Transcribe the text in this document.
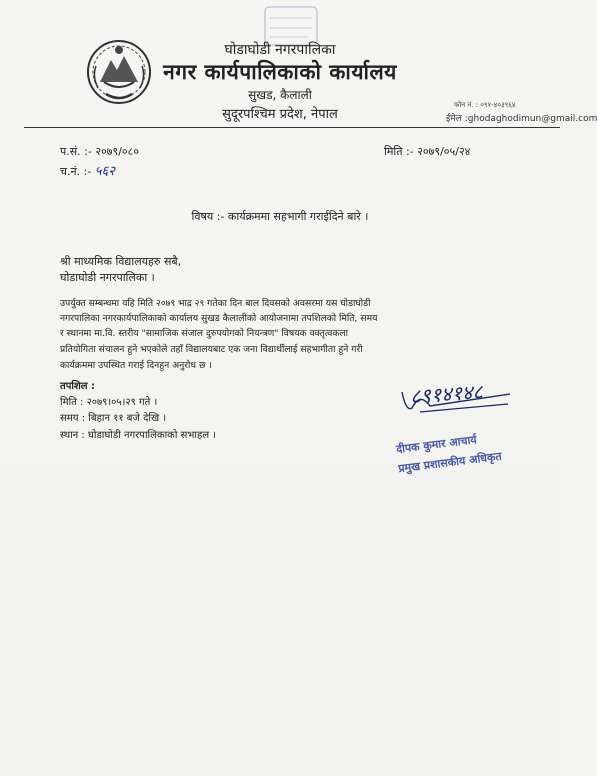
घोडाघोडी नगरपालिका
नगर कार्यपालिकाको कार्यालय
सुखड, कैलाली
सुदूरपश्चिम प्रदेश, नेपाल
फोन नं. : ०९१-४०३९६४
ईमेल :ghodaghodimun@gmail.com
प.सं. :- २०७९/०८०
च.नं. :- ५६२
मिति :- २०७९/०५/२४
विषय :- कार्यक्रममा सहभागी गराईदिने बारे ।
श्री माध्यमिक विद्यालयहरु सबै,
घोडाघोडी नगरपालिका ।
उपर्युक्त सम्बन्धमा यहि मिति २०७९ भाद्र २९ गतेका दिन बाल दिवसको अवसरमा यस घोडाघोडी
नगरपालिका नगरकार्यपालिकाको कार्यालय सुखड कैलालीको आयोजनामा तपशिलको मिति, समय
र स्थानमा मा.वि. स्तरीय "सामाजिक संजाल दुरुपयोगको नियन्त्रण" विषयक वक्तृत्वकला
प्रतियोगिता संचालन हुने भएकोले तहाँ विद्यालयबाट एक जना विद्यार्थीलाई सहभागीता हुने गरी
कार्यक्रममा उपस्थित गराई दिनहुन अनुरोध छ ।
तपशिल :
मिति : २०७९।०५।२९ गते ।
समय : बिहान ११ बजे देखि ।
स्थान : घोडाघोडी नगरपालिकाको सभाहल ।
८९१४१४८
दीपक कुमार आचार्य
प्रमुख प्रशासकीय अधिकृत
